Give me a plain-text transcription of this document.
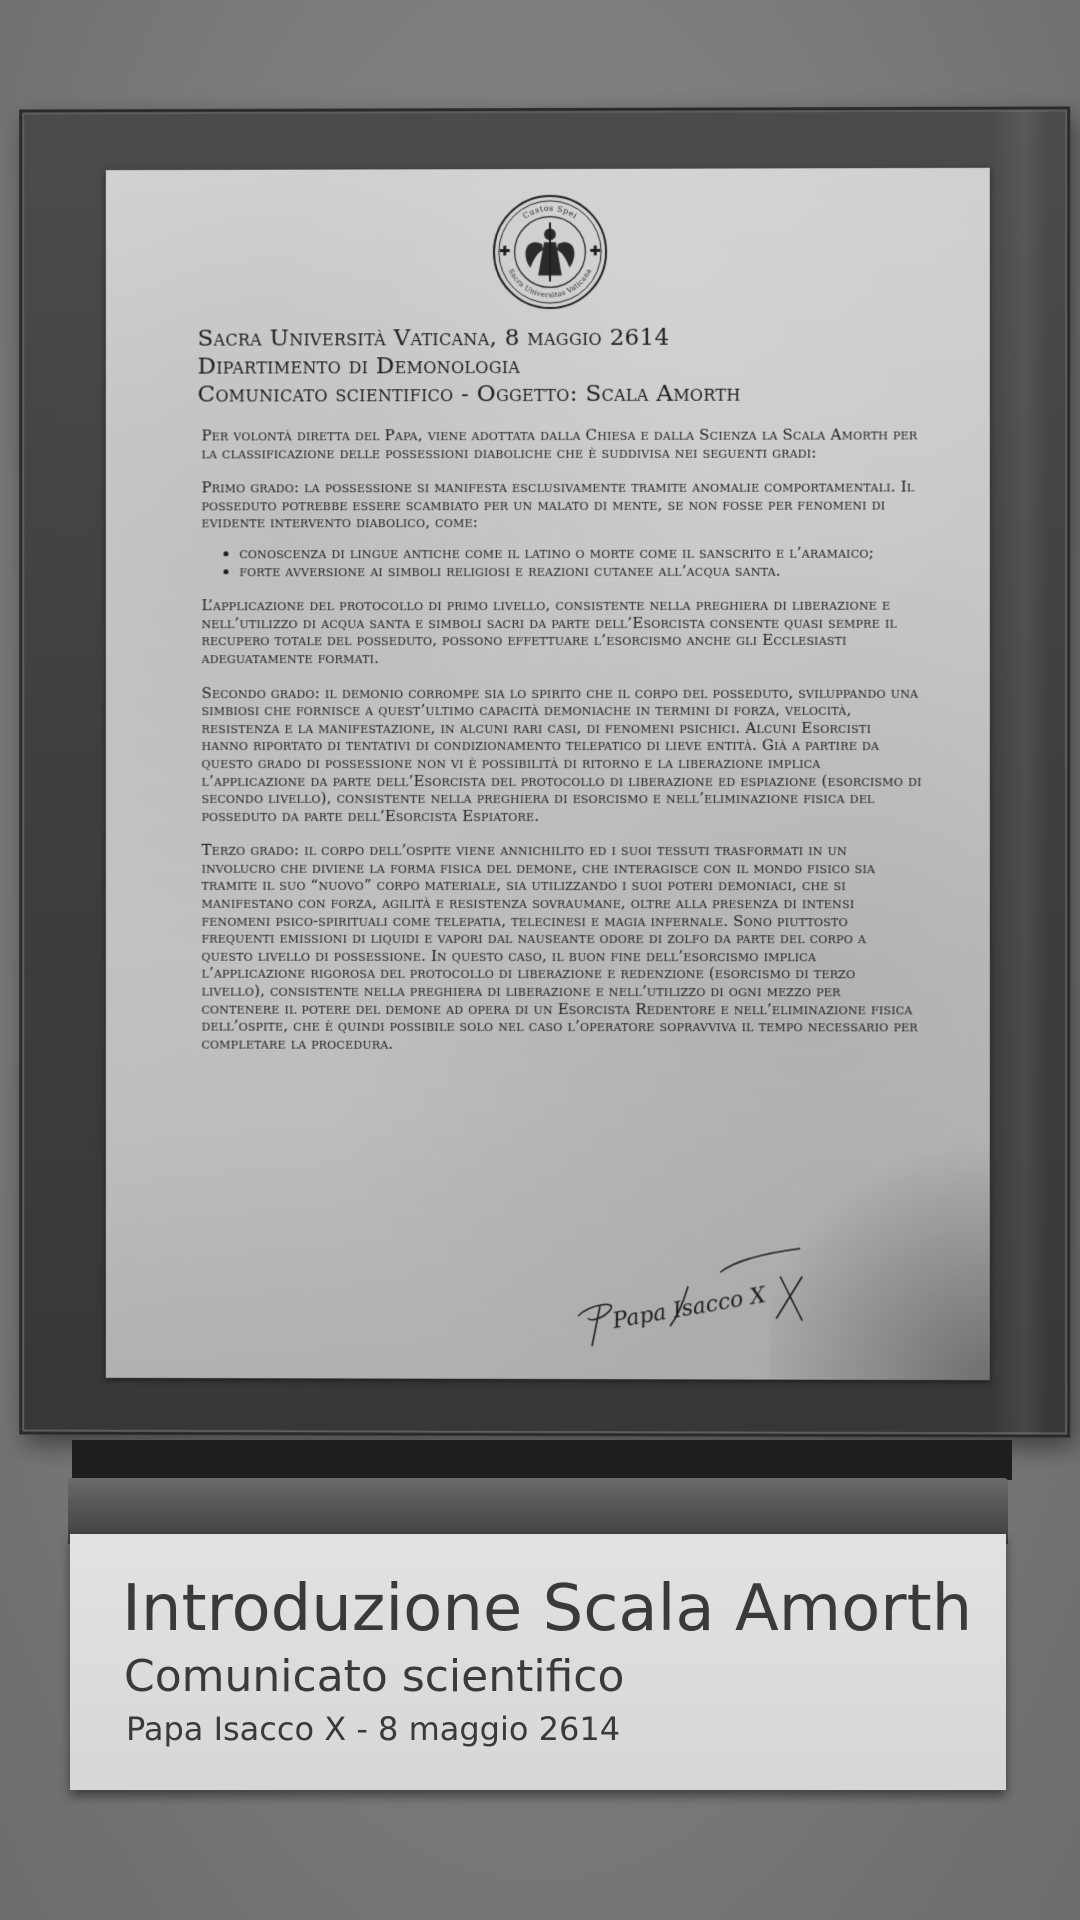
Custos Spei
Sacra Universitas Vaticana
Sacra Università Vaticana, 8 maggio 2614
Dipartimento di Demonologia
Comunicato scientifico - Oggetto: Scala Amorth

Per volontà diretta del Papa, viene adottata dalla Chiesa e dalla Scienza la Scala Amorth per la classificazione delle possessioni diaboliche che è suddivisa nei seguenti gradi:

Primo grado: la possessione si manifesta esclusivamente tramite anomalie comportamentali. Il posseduto potrebbe essere scambiato per un malato di mente, se non fosse per fenomeni di evidente intervento diabolico, come:

• conoscenza di lingue antiche come il latino o morte come il sanscrito e l’aramaico;
• forte avversione ai simboli religiosi e reazioni cutanee all’acqua santa.

L’applicazione del protocollo di primo livello, consistente nella preghiera di liberazione e nell’utilizzo di acqua santa e simboli sacri da parte dell’Esorcista consente quasi sempre il recupero totale del posseduto, possono effettuare l’esorcismo anche gli Ecclesiasti adeguatamente formati.

Secondo grado: il demonio corrompe sia lo spirito che il corpo del posseduto, sviluppando una simbiosi che fornisce a quest’ultimo capacità demoniache in termini di forza, velocità, resistenza e la manifestazione, in alcuni rari casi, di fenomeni psichici. Alcuni Esorcisti hanno riportato di tentativi di condizionamento telepatico di lieve entità. Già a partire da questo grado di possessione non vi è possibilità di ritorno e la liberazione implica l’applicazione da parte dell’Esorcista del protocollo di liberazione ed espiazione (esorcismo di secondo livello), consistente nella preghiera di esorcismo e nell’eliminazione fisica del posseduto da parte dell’Esorcista Espiatore.

Terzo grado: il corpo dell’ospite viene annichilito ed i suoi tessuti trasformati in un involucro che diviene la forma fisica del demone, che interagisce con il mondo fisico sia tramite il suo “nuovo” corpo materiale, sia utilizzando i suoi poteri demoniaci, che si manifestano con forza, agilità e resistenza sovraumane, oltre alla presenza di intensi fenomeni psico-spirituali come telepatia, telecinesi e magia infernale. Sono piuttosto frequenti emissioni di liquidi e vapori dal nauseante odore di zolfo da parte del corpo a questo livello di possessione. In questo caso, il buon fine dell’esorcismo implica l’applicazione rigorosa del protocollo di liberazione e redenzione (esorcismo di terzo livello), consistente nella preghiera di liberazione e nell’utilizzo di ogni mezzo per contenere il potere del demone ad opera di un Esorcista Redentore e nell’eliminazione fisica dell’ospite, che è quindi possibile solo nel caso l’operatore sopravviva il tempo necessario per completare la procedura.

Papa Isacco X
Introduzione Scala Amorth
Comunicato scientifico
Papa Isacco X - 8 maggio 2614
